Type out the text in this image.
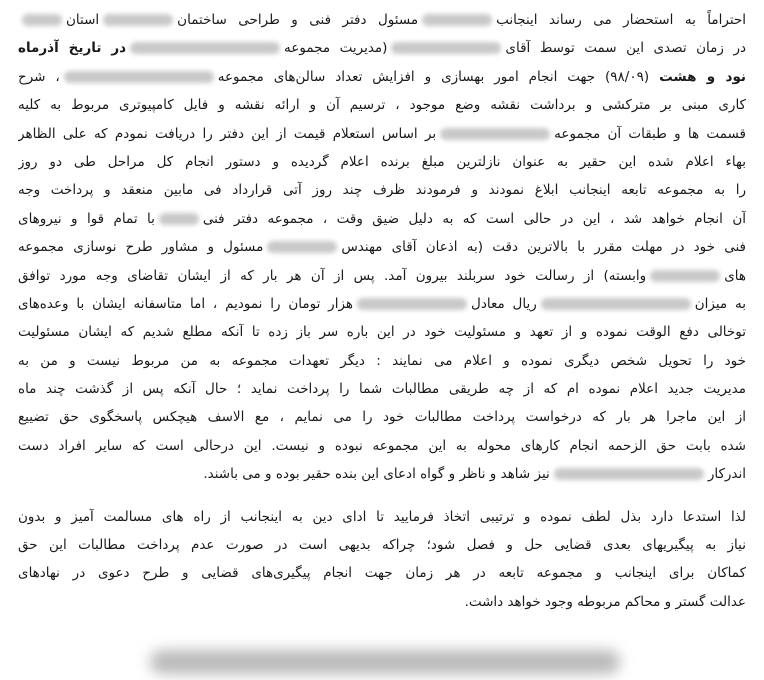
احتراماً به استحضار می رساند اینجانبمسئول دفتر فنی و طراحی ساختماناستان
در زمان تصدی این سمت توسط آقای(مدیریت مجموعهدر تاریخ آذرماه
نود و هشت (۹۸/۰۹) جهت انجام امور بهسازی و افزایش تعداد سالن‌های مجموعه، شرح
کاری مبنی بر مترکشی و برداشت نقشه وضع موجود ، ترسیم آن و ارائه نقشه و فایل کامپیوتری مربوط به کلیه
قسمت ها و طبقات آن مجموعهبر اساس استعلام قیمت از این دفتر را دریافت نمودم که علی الظاهر
بهاء اعلام شده این حقیر به عنوان نازلترین مبلغ برنده اعلام گردیده و دستور انجام کل مراحل طی دو روز
را به مجموعه تابعه اینجانب ابلاغ نمودند و فرمودند ظرف چند روز آتی قرارداد فی مابین منعقد و پرداخت وجه
آن انجام خواهد شد ، این در حالی است که به دلیل ضیق وقت ، مجموعه دفتر فنیبا تمام قوا و نیروهای
فنی خود در مهلت مقرر با بالاترین دقت (به اذعان آقای مهندسمسئول و مشاور طرح نوسازی مجموعه
هایوابسته) از رسالت خود سربلند بیرون آمد. پس از آن هر بار که از ایشان تقاضای وجه مورد توافق
به میزانریال معادلهزار تومان را نمودیم ، اما متاسفانه ایشان با وعده‌های
توخالی دفع الوقت نموده و از تعهد و مسئولیت خود در این باره سر باز زده تا آنکه مطلع شدیم که ایشان مسئولیت
خود را تحویل شخص دیگری نموده و اعلام می نمایند : دیگر تعهدات مجموعه به من مربوط نیست و من به
مدیریت جدید اعلام نموده ام که از چه طریقی مطالبات شما را پرداخت نماید ؛ حال آنکه پس از گذشت چند ماه
از این ماجرا هر بار که درخواست پرداخت مطالبات خود را می نمایم ، مع الاسف هیچکس پاسخگوی حق تضییع
شده بابت حق الزحمه انجام کارهای محوله به این مجموعه نبوده و نیست. این درحالی است که سایر افراد دست
اندرکارنیز شاهد و ناظر و گواه ادعای این بنده حقیر بوده و می باشند.
لذا استدعا دارد بذل لطف نموده و ترتیبی اتخاذ فرمایید تا ادای دین به اینجانب از راه های مسالمت آمیز و بدون
نیاز به پیگیریهای بعدی قضایی حل و فصل شود؛ چراکه بدیهی است در صورت عدم پرداخت مطالبات این حق
کماکان برای اینجانب و مجموعه تابعه در هر زمان جهت انجام پیگیری‌های قضایی و طرح دعوی در نهادهای
عدالت گستر و محاکم مربوطه وجود خواهد داشت.
